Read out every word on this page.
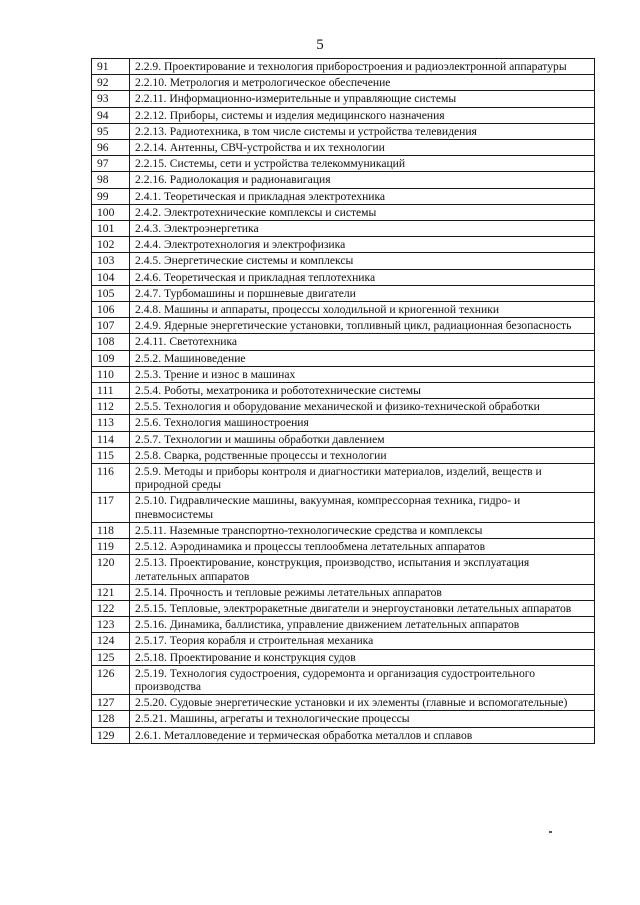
5
91	2.2.9. Проектирование и технология приборостроения и радиоэлектронной аппаратуры
92	2.2.10. Метрология и метрологическое обеспечение
93	2.2.11. Информационно-измерительные и управляющие системы
94	2.2.12. Приборы, системы и изделия медицинского назначения
95	2.2.13. Радиотехника, в том числе системы и устройства телевидения
96	2.2.14. Антенны, СВЧ-устройства и их технологии
97	2.2.15. Системы, сети и устройства телекоммуникаций
98	2.2.16. Радиолокация и радионавигация
99	2.4.1. Теоретическая и прикладная электротехника
100	2.4.2. Электротехнические комплексы и системы
101	2.4.3. Электроэнергетика
102	2.4.4. Электротехнология и электрофизика
103	2.4.5. Энергетические системы и комплексы
104	2.4.6. Теоретическая и прикладная теплотехника
105	2.4.7. Турбомашины и поршневые двигатели
106	2.4.8. Машины и аппараты, процессы холодильной и криогенной техники
107	2.4.9. Ядерные энергетические установки, топливный цикл, радиационная безопасность
108	2.4.11. Светотехника
109	2.5.2. Машиноведение
110	2.5.3. Трение и износ в машинах
111	2.5.4. Роботы, мехатроника и робототехнические системы
112	2.5.5. Технология и оборудование механической и физико-технической обработки
113	2.5.6. Технология машиностроения
114	2.5.7. Технологии и машины обработки давлением
115	2.5.8. Сварка, родственные процессы и технологии
116	2.5.9. Методы и приборы контроля и диагностики материалов, изделий, веществ и природной среды
117	2.5.10. Гидравлические машины, вакуумная, компрессорная техника, гидро- и пневмосистемы
118	2.5.11. Наземные транспортно-технологические средства и комплексы
119	2.5.12. Аэродинамика и процессы теплообмена летательных аппаратов
120	2.5.13. Проектирование, конструкция, производство, испытания и эксплуатация летательных аппаратов
121	2.5.14. Прочность и тепловые режимы летательных аппаратов
122	2.5.15. Тепловые, электроракетные двигатели и энергоустановки летательных аппаратов
123	2.5.16. Динамика, баллистика, управление движением летательных аппаратов
124	2.5.17. Теория корабля и строительная механика
125	2.5.18. Проектирование и конструкция судов
126	2.5.19. Технология судостроения, судоремонта и организация судостроительного производства
127	2.5.20. Судовые энергетические установки и их элементы (главные и вспомогательные)
128	2.5.21. Машины, агрегаты и технологические процессы
129	2.6.1. Металловедение и термическая обработка металлов и сплавов
